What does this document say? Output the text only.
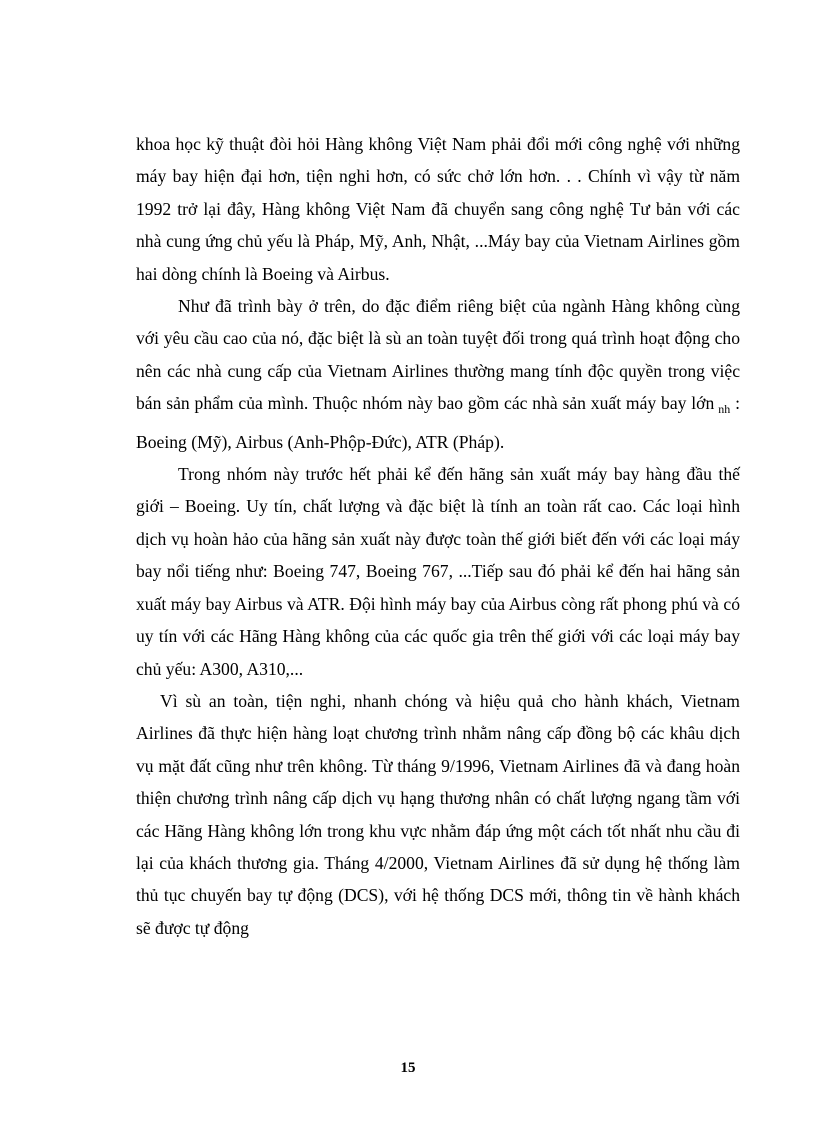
khoa học kỹ thuật đòi hỏi Hàng không Việt Nam phải đổi mới công nghệ với những máy bay hiện đại hơn, tiện nghi hơn, có sức chở lớn hơn. . . Chính vì vậy từ năm 1992 trở lại đây, Hàng không Việt Nam đã chuyển sang công nghệ Tư bản với các nhà cung ứng chủ yếu là Pháp, Mỹ, Anh, Nhật, ...Máy bay của Vietnam Airlines gồm hai dòng chính là Boeing và Airbus.

Như đã trình bày ở trên, do đặc điểm riêng biệt của ngành Hàng không cùng với yêu cầu cao của nó, đặc biệt là sù an toàn tuyệt đối trong quá trình hoạt động cho nên các nhà cung cấp của Vietnam Airlines thường mang tính độc quyền trong việc bán sản phẩm của mình. Thuộc nhóm này bao gồm các nhà sản xuất máy bay lớn $_{nh}$ : Boeing (Mỹ), Airbus (Anh-Phộp-Đức), ATR (Pháp).

Trong nhóm này trước hết phải kể đến hãng sản xuất máy bay hàng đầu thế giới – Boeing. Uy tín, chất lượng và đặc biệt là tính an toàn rất cao. Các loại hình dịch vụ hoàn hảo của hãng sản xuất này được toàn thế giới biết đến với các loại máy bay nổi tiếng như: Boeing 747, Boeing 767, ...Tiếp sau đó phải kể đến hai hãng sản xuất máy bay Airbus và ATR. Đội hình máy bay của Airbus còng rất phong phú và có uy tín với các Hãng Hàng không của các quốc gia trên thế giới với các loại máy bay chủ yếu: A300, A310,...

Vì sù an toàn, tiện nghi, nhanh chóng và hiệu quả cho hành khách, Vietnam Airlines đã thực hiện hàng loạt chương trình nhằm nâng cấp đồng bộ các khâu dịch vụ mặt đất cũng như trên không. Từ tháng 9/1996, Vietnam Airlines đã và đang hoàn thiện chương trình nâng cấp dịch vụ hạng thương nhân có chất lượng ngang tầm với các Hãng Hàng không lớn trong khu vực nhằm đáp ứng một cách tốt nhất nhu cầu đi lại của khách thương gia. Tháng 4/2000, Vietnam Airlines đã sử dụng hệ thống làm thủ tục chuyến bay tự động (DCS), với hệ thống DCS mới, thông tin về hành khách sẽ được tự động

15
